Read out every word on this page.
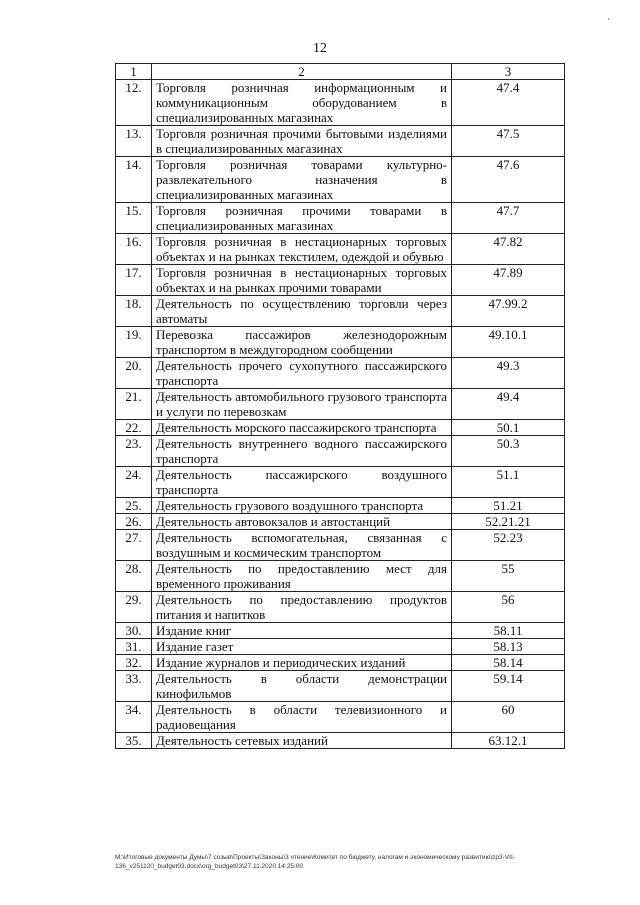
12
1	2	3
12.	Торговля розничная информационным и коммуникационным оборудованием в специализированных магазинах	47.4
13.	Торговля розничная прочими бытовыми изделиями в специализированных магазинах	47.5
14.	Торговля розничная товарами культурно-развлекательного назначения в специализированных магазинах	47.6
15.	Торговля розничная прочими товарами в специализированных магазинах	47.7
16.	Торговля розничная в нестационарных торговых объектах и на рынках текстилем, одеждой и обувью	47.82
17.	Торговля розничная в нестационарных торговых объектах и на рынках прочими товарами	47.89
18.	Деятельность по осуществлению торговли через автоматы	47.99.2
19.	Перевозка пассажиров железнодорожным транспортом в междугородном сообщении	49.10.1
20.	Деятельность прочего сухопутного пассажирского транспорта	49.3
21.	Деятельность автомобильного грузового транспорта и услуги по перевозкам	49.4
22.	Деятельность морского пассажирского транспорта	50.1
23.	Деятельность внутреннего водного пассажирского транспорта	50.3
24.	Деятельность пассажирского воздушного транспорта	51.1
25.	Деятельность грузового воздушного транспорта	51.21
26.	Деятельность автовокзалов и автостанций	52.21.21
27.	Деятельность вспомогательная, связанная с воздушным и космическим транспортом	52.23
28.	Деятельность по предоставлению мест для временного проживания	55
29.	Деятельность по предоставлению продуктов питания и напитков	56
30.	Издание книг	58.11
31.	Издание газет	58.13
32.	Издание журналов и периодических изданий	58.14
33.	Деятельность в области демонстрации кинофильмов	59.14
34.	Деятельность в области телевизионного и радиовещания	60
35.	Деятельность сетевых изданий	63.12.1
M:\Итоговые документы Думы\7 созыв\Проекты\Законы\3 чтение\Комитет по бюджету, налогам и экономическому развитию\zp3-VII-136_v251120_budget03.docx\org_budget03\27.11.2020 14:25:00
